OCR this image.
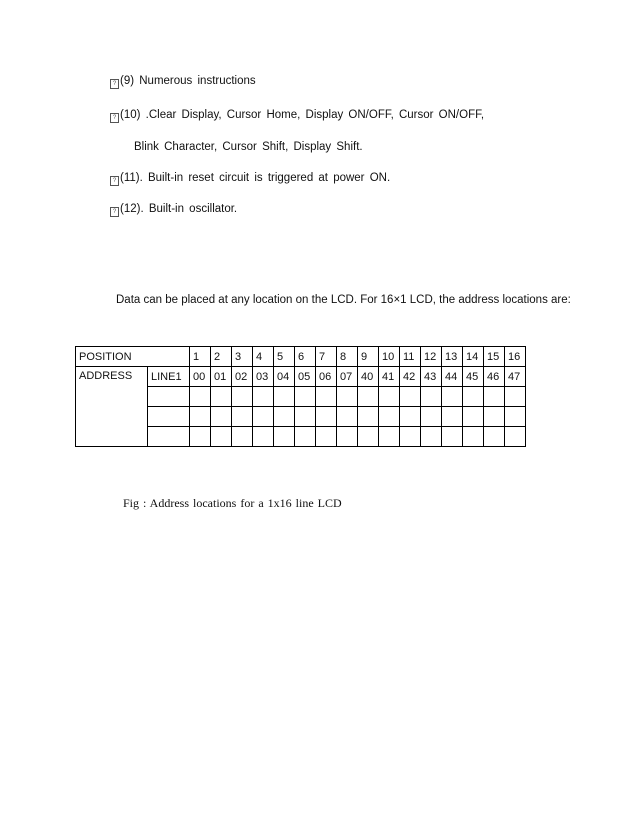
? (9) Numerous instructions
? (10) .Clear Display, Cursor Home, Display ON/OFF, Cursor ON/OFF,
Blink Character, Cursor Shift, Display Shift.
? (11). Built-in reset circuit is triggered at power ON.
? (12). Built-in oscillator.
Data can be placed at any location on the LCD. For 16×1 LCD, the address locations are:
POSITION		1	2	3	4	5	6	7	8	9	10	11	12	13	14	15	16
ADDRESS	LINE1	00	01	02	03	04	05	06	07	40	41	42	43	44	45	46	47

Fig : Address locations for a 1x16 line LCD
